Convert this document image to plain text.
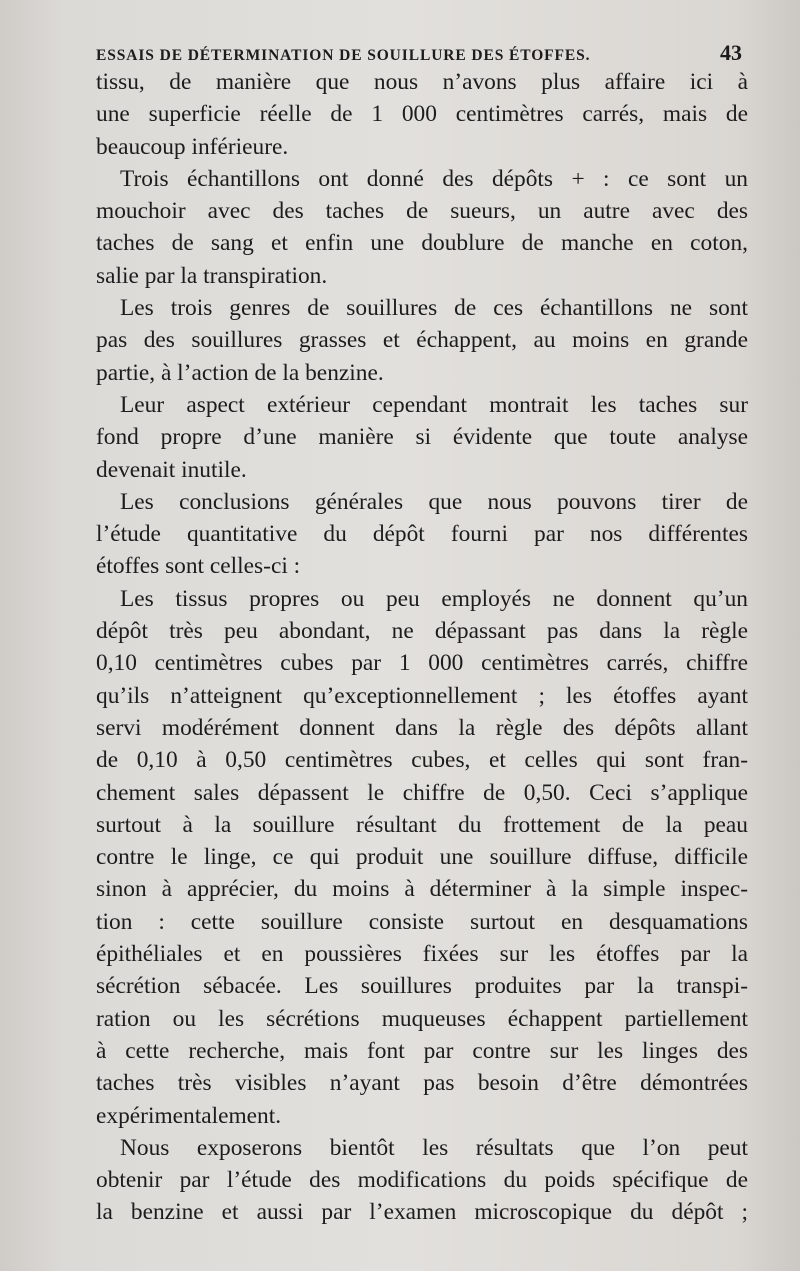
ESSAIS DE DÉTERMINATION DE SOUILLURE DES ÉTOFFES.	43
tissu, de manière que nous n’avons plus affaire ici à
une superficie réelle de 1 000 centimètres carrés, mais de
beaucoup inférieure.
Trois échantillons ont donné des dépôts + : ce sont un
mouchoir avec des taches de sueurs, un autre avec des
taches de sang et enfin une doublure de manche en coton,
salie par la transpiration.
Les trois genres de souillures de ces échantillons ne sont
pas des souillures grasses et échappent, au moins en grande
partie, à l’action de la benzine.
Leur aspect extérieur cependant montrait les taches sur
fond propre d’une manière si évidente que toute analyse
devenait inutile.
Les conclusions générales que nous pouvons tirer de
l’étude quantitative du dépôt fourni par nos différentes
étoffes sont celles-ci :
Les tissus propres ou peu employés ne donnent qu’un
dépôt très peu abondant, ne dépassant pas dans la règle
0,10 centimètres cubes par 1 000 centimètres carrés, chiffre
qu’ils n’atteignent qu’exceptionnellement ; les étoffes ayant
servi modérément donnent dans la règle des dépôts allant
de 0,10 à 0,50 centimètres cubes, et celles qui sont fran-
chement sales dépassent le chiffre de 0,50. Ceci s’applique
surtout à la souillure résultant du frottement de la peau
contre le linge, ce qui produit une souillure diffuse, difficile
sinon à apprécier, du moins à déterminer à la simple inspec-
tion : cette souillure consiste surtout en desquamations
épithéliales et en poussières fixées sur les étoffes par la
sécrétion sébacée. Les souillures produites par la transpi-
ration ou les sécrétions muqueuses échappent partiellement
à cette recherche, mais font par contre sur les linges des
taches très visibles n’ayant pas besoin d’être démontrées
expérimentalement.
Nous exposerons bientôt les résultats que l’on peut
obtenir par l’étude des modifications du poids spécifique de
la benzine et aussi par l’examen microscopique du dépôt ;
